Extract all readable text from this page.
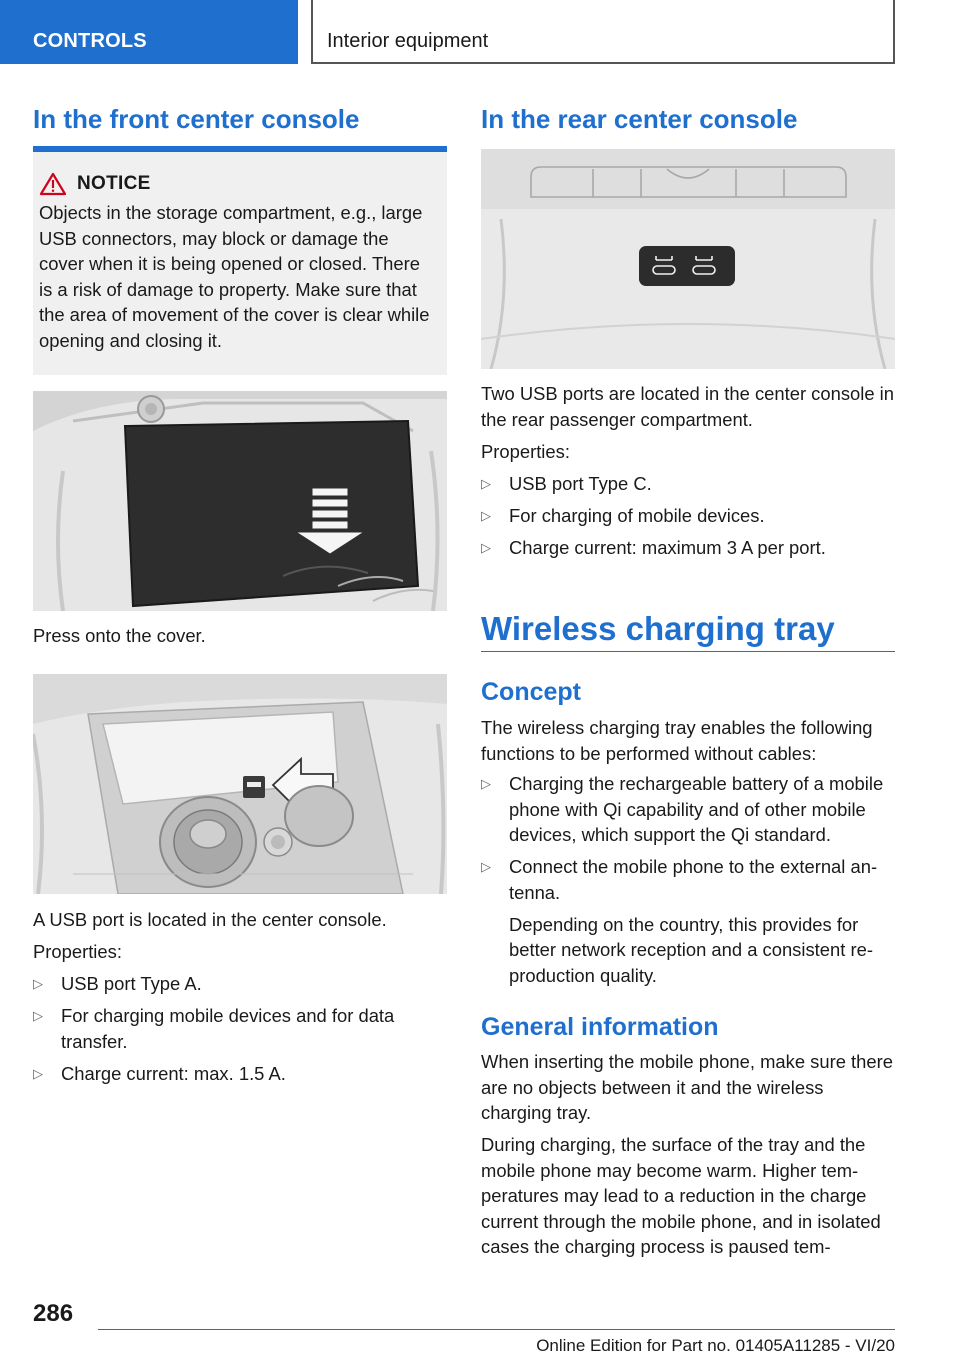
CONTROLS	Interior equipment
In the front center console
NOTICE
Objects in the storage compartment, e.g., large USB connectors, may block or damage the cover when it is being opened or closed. There is a risk of damage to property. Make sure that the area of movement of the cover is clear while opening and closing it.

Press onto the cover.

A USB port is located in the center console.

Properties:

▷ USB port Type A.
▷ For charging mobile devices and for data transfer.
▷ Charge current: max. 1.5 A.
In the rear center console

Two USB ports are located in the center console in the rear passenger compartment.

Properties:

▷ USB port Type C.
▷ For charging of mobile devices.
▷ Charge current: maximum 3 A per port.
Wireless charging tray
Concept

The wireless charging tray enables the following functions to be performed without cables:

▷ Charging the rechargeable battery of a mobile phone with Qi capability and of other mobile devices, which support the Qi standard.
▷ Connect the mobile phone to the external antenna.
Depending on the country, this provides for better network reception and a consistent reproduction quality.
General information

When inserting the mobile phone, make sure there are no objects between it and the wireless charging tray.

During charging, the surface of the tray and the mobile phone may become warm. Higher temperatures may lead to a reduction in the charge current through the mobile phone, and in isolated cases the charging process is paused tem-

286
Online Edition for Part no. 01405A11285 - VI/20
